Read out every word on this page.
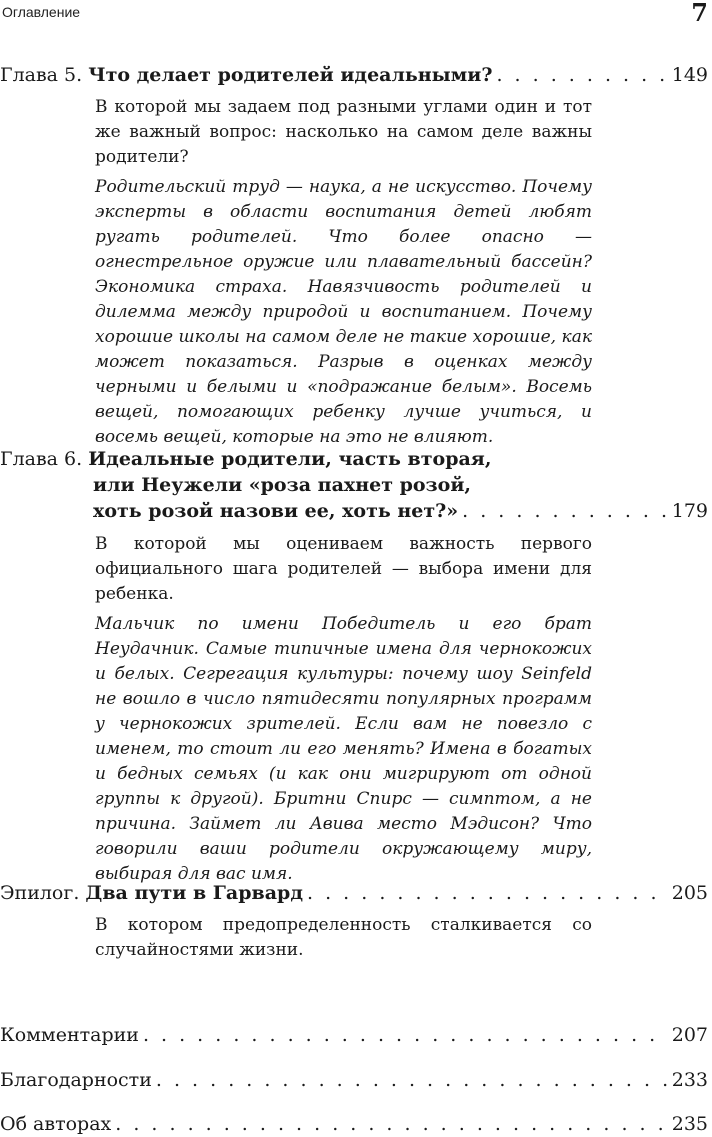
Оглавление	7
Глава 5.
Что делает родителей идеальными? . . .	149
В которой мы задаем под разными углами один и тот же важный вопрос: насколько на самом деле важны родители?
Родительский труд — наука, а не искусство. Почему эксперты в области воспитания детей любят ругать родителей. Что более опасно — огнестрельное оружие или плавательный бассейн? Экономика страха. Навязчивость родителей и дилемма между природой и воспитанием. Почему хорошие школы на самом деле не такие хорошие, как может показаться. Разрыв в оценках между черными и белыми и «подражание белым». Восемь вещей, помогающих ребенку лучше учиться, и восемь вещей, которые на это не влияют.
Глава 6.
Идеальные родители, часть вторая,
или Неужели «роза пахнет розой,
хоть розой назови ее, хоть нет?» . . .	179
В которой мы оцениваем важность первого официального шага родителей — выбора имени для ребенка.
Мальчик по имени Победитель и его брат Неудачник. Самые типичные имена для чернокожих и белых. Сегрегация культуры: почему шоу Seinfeld не вошло в число пятидесяти популярных программ у чернокожих зрителей. Если вам не повезло с именем, то стоит ли его менять? Имена в богатых и бедных семьях (и как они мигрируют от одной группы к другой). Бритни Спирс — симптом, а не причина. Займет ли Авива место Мэдисон? Что говорили ваши родители окружающему миру, выбирая для вас имя.
Эпилог.
Два пути в Гарвард . . .	205
В котором предопределенность сталкивается со случайностями жизни.
Комментарии . . .	207
Благодарности . . .	233
Об авторах . . .	235
